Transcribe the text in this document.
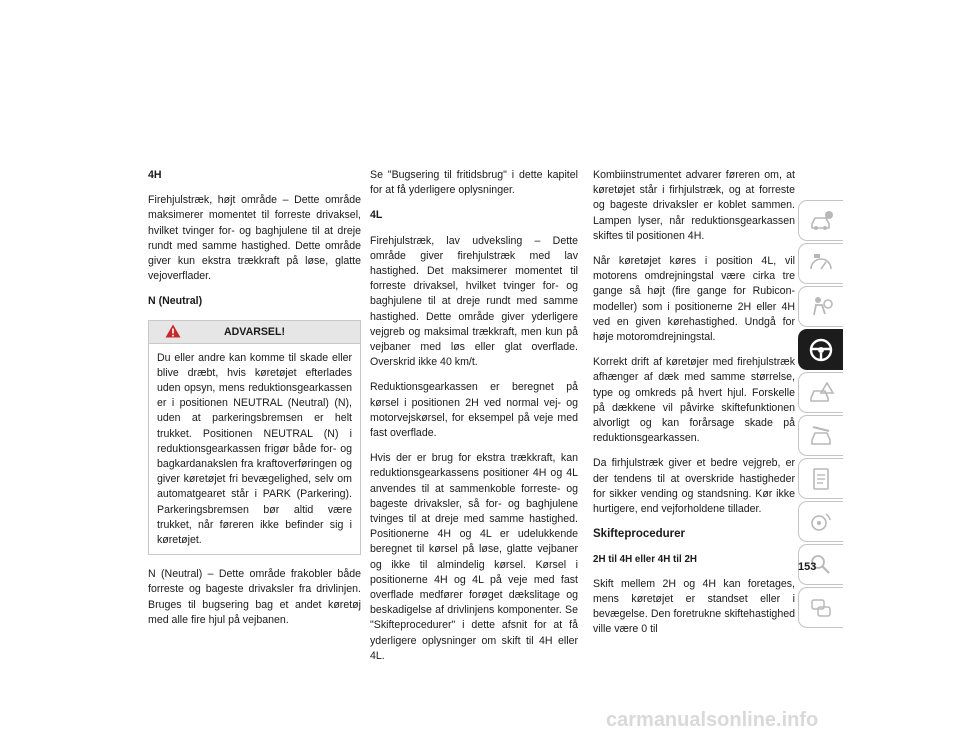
4H

Firehjulstræk, højt område – Dette område maksimerer momentet til forreste drivaksel, hvilket tvinger for- og baghjulene til at dreje rundt med samme hastighed. Dette område giver kun ekstra trækkraft på løse, glatte vejoverflader.

N (Neutral)
ADVARSEL!

Du eller andre kan komme til skade eller blive dræbt, hvis køretøjet efterlades uden opsyn, mens reduktionsgearkassen er i positionen NEUTRAL (Neutral) (N), uden at parkeringsbremsen er helt trukket. Positionen NEUTRAL (N) i reduktionsgearkassen frigør både for- og bagkardanakslen fra kraftoverføringen og giver køretøjet fri bevægelighed, selv om automatgearet står i PARK (Parkering). Parkeringsbremsen bør altid være trukket, når føreren ikke befinder sig i køretøjet.

N (Neutral) – Dette område frakobler både forreste og bageste drivaksler fra drivlinjen. Bruges til bugsering bag et andet køretøj med alle fire hjul på vejbanen.

Se "Bugsering til fritidsbrug" i dette kapitel for at få yderligere oplysninger.

4L

Firehjulstræk, lav udveksling – Dette område giver firehjulstræk med lav hastighed. Det maksimerer momentet til forreste drivaksel, hvilket tvinger for- og baghjulene til at dreje rundt med samme hastighed. Dette område giver yderligere vejgreb og maksimal trækkraft, men kun på vejbaner med løs eller glat overflade. Overskrid ikke 40 km/t.

Reduktionsgearkassen er beregnet på kørsel i positionen 2H ved normal vej- og motorvejskørsel, for eksempel på veje med fast overflade.

Hvis der er brug for ekstra trækkraft, kan reduktionsgearkassens positioner 4H og 4L anvendes til at sammenkoble forreste- og bageste drivaksler, så for- og baghjulene tvinges til at dreje med samme hastighed. Positionerne 4H og 4L er udelukkende beregnet til kørsel på løse, glatte vejbaner og ikke til almindelig kørsel. Kørsel i positionerne 4H og 4L på veje med fast overflade medfører forøget dækslitage og beskadigelse af drivlinjens komponenter. Se "Skifteprocedurer" i dette afsnit for at få yderligere oplysninger om skift til 4H eller 4L.

Kombiinstrumentet advarer føreren om, at køretøjet står i firhjulstræk, og at forreste og bageste drivaksler er koblet sammen. Lampen lyser, når reduktionsgearkassen skiftes til positionen 4H.

Når køretøjet køres i position 4L, vil motorens omdrejningstal være cirka tre gange så højt (fire gange for Rubicon-modeller) som i positionerne 2H eller 4H ved en given kørehastighed. Undgå for høje motoromdrejningstal.

Korrekt drift af køretøjer med firehjulstræk afhænger af dæk med samme størrelse, type og omkreds på hvert hjul. Forskelle på dækkene vil påvirke skiftefunktionen alvorligt og kan forårsage skade på reduktionsgearkassen.

Da firhjulstræk giver et bedre vejgreb, er der tendens til at overskride hastigheder for sikker vending og standsning. Kør ikke hurtigere, end vejforholdene tillader.

Skifteprocedurer
2H til 4H eller 4H til 2H

Skift mellem 2H og 4H kan foretages, mens køretøjet er standset eller i bevægelse. Den foretrukne skiftehastighed ville være 0 til

153
carmanualsonline.info
